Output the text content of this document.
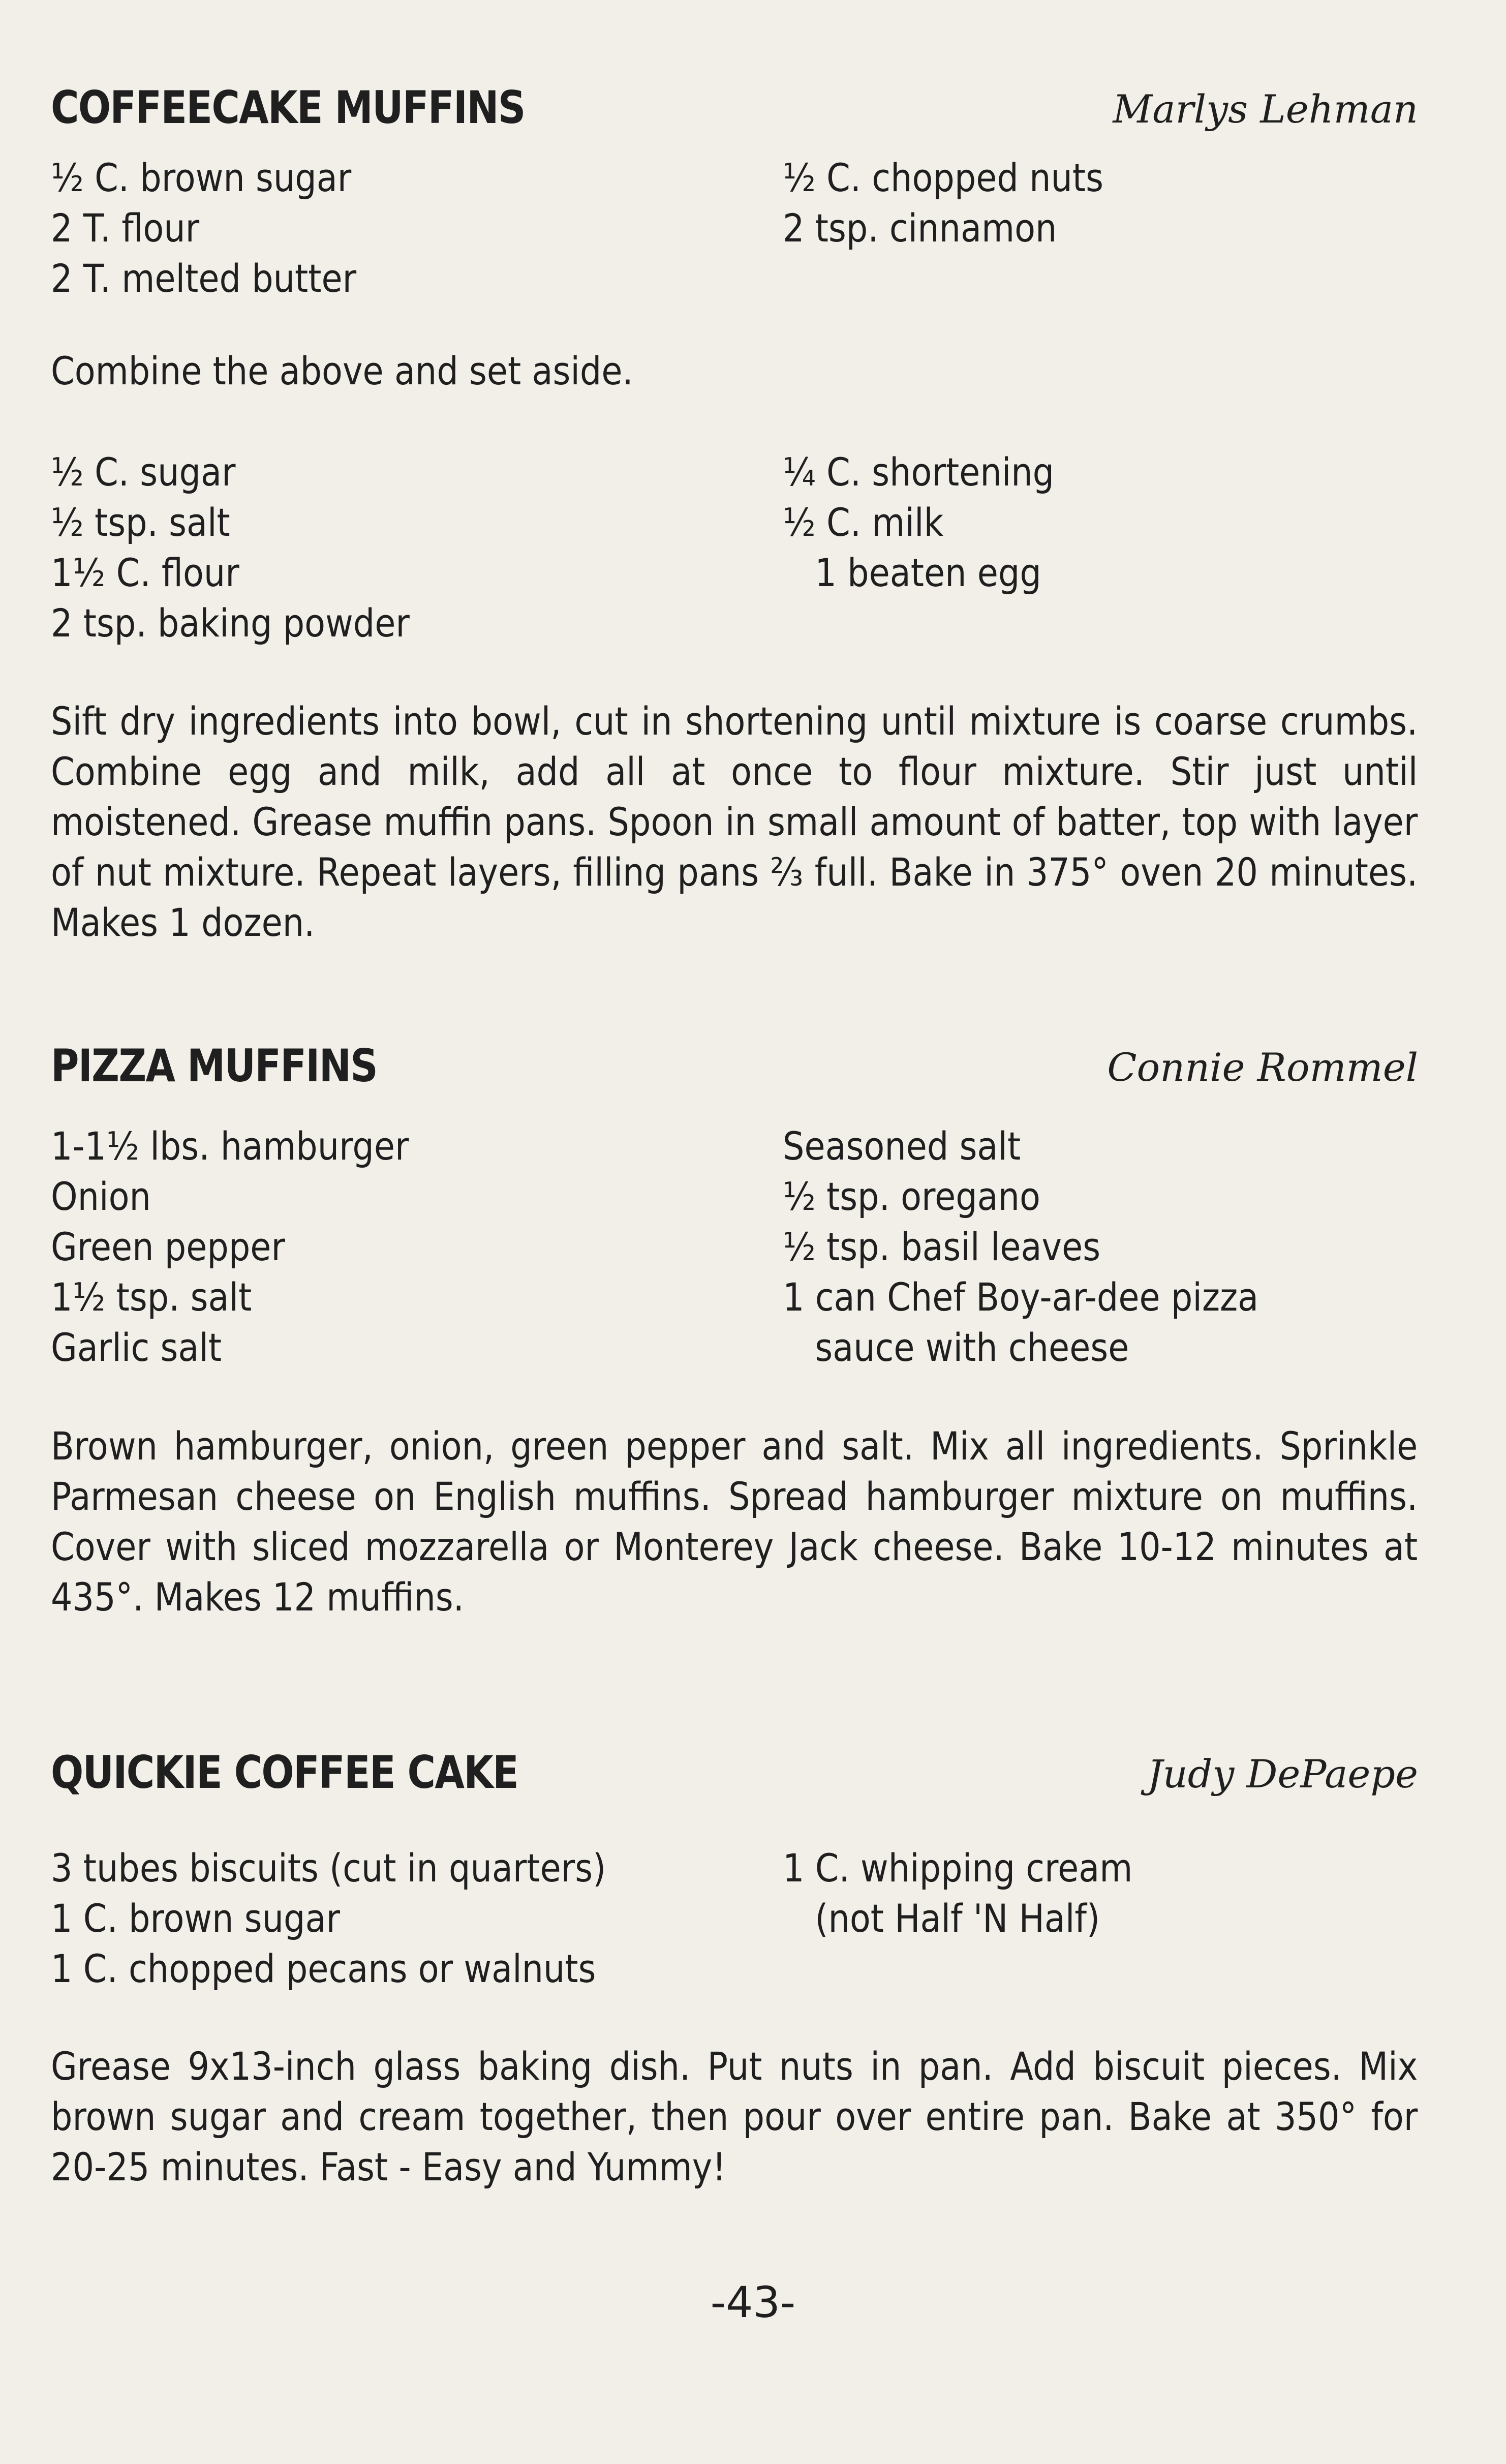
COFFEECAKE MUFFINS	Marlys Lehman
½ C. brown sugar
2 T. flour
2 T. melted butter
½ C. chopped nuts
2 tsp. cinnamon
Combine the above and set aside.
½ C. sugar
½ tsp. salt
1½ C. flour
2 tsp. baking powder
¼ C. shortening
½ C. milk
1 beaten egg
Sift dry ingredients into bowl, cut in shortening until mixture is coarse crumbs. Combine egg and milk, add all at once to flour mixture. Stir just until moistened. Grease muffin pans. Spoon in small amount of batter, top with layer of nut mixture. Repeat layers, filling pans ⅔ full. Bake in 375° oven 20 minutes. Makes 1 dozen.
PIZZA MUFFINS	Connie Rommel
1-1½ lbs. hamburger
Onion
Green pepper
1½ tsp. salt
Garlic salt
Seasoned salt
½ tsp. oregano
½ tsp. basil leaves
1 can Chef Boy-ar-dee pizza
sauce with cheese
Brown hamburger, onion, green pepper and salt. Mix all ingredients. Sprinkle Parmesan cheese on English muffins. Spread hamburger mixture on muffins. Cover with sliced mozzarella or Monterey Jack cheese. Bake 10-12 minutes at 435°. Makes 12 muffins.
QUICKIE COFFEE CAKE	Judy DePaepe
3 tubes biscuits (cut in quarters)
1 C. brown sugar
1 C. chopped pecans or walnuts
1 C. whipping cream
(not Half 'N Half)
Grease 9x13-inch glass baking dish. Put nuts in pan. Add biscuit pieces. Mix brown sugar and cream together, then pour over entire pan. Bake at 350° for 20-25 minutes. Fast - Easy and Yummy!
-43-
